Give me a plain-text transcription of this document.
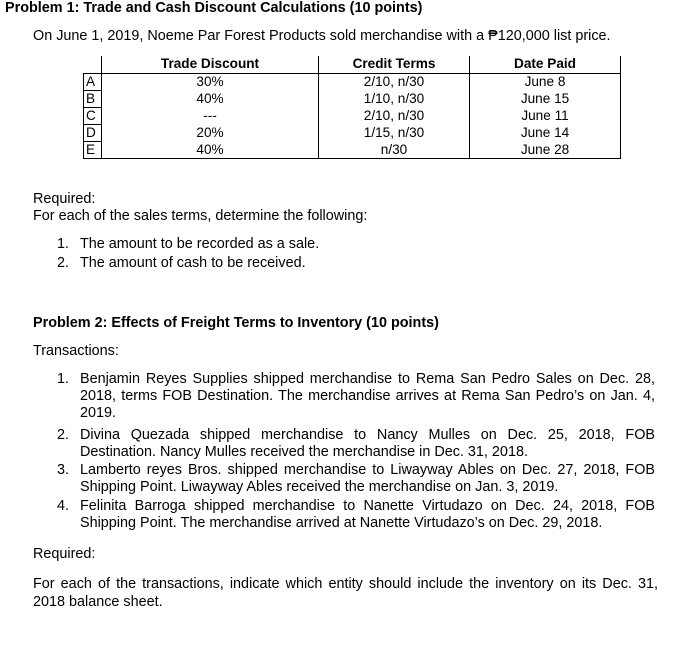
Problem 1: Trade and Cash Discount Calculations (10 points)
On June 1, 2019, Noeme Par Forest Products sold merchandise with a ₱120,000 list price.
	Trade Discount	Credit Terms	Date Paid
A	30%	2/10, n/30	June 8
B	40%	1/10, n/30	June 15
C	---	2/10, n/30	June 11
D	20%	1/15, n/30	June 14
E	40%	n/30	June 28
Required:
For each of the sales terms, determine the following:
1. The amount to be recorded as a sale.
2. The amount of cash to be received.
Problem 2: Effects of Freight Terms to Inventory (10 points)
Transactions:
1. Benjamin Reyes Supplies shipped merchandise to Rema San Pedro Sales on Dec. 28, 2018, terms FOB Destination. The merchandise arrives at Rema San Pedro’s on Jan. 4, 2019.
2. Divina Quezada shipped merchandise to Nancy Mulles on Dec. 25, 2018, FOB Destination. Nancy Mulles received the merchandise in Dec. 31, 2018.
3. Lamberto reyes Bros. shipped merchandise to Liwayway Ables on Dec. 27, 2018, FOB Shipping Point. Liwayway Ables received the merchandise on Jan. 3, 2019.
4. Felinita Barroga shipped merchandise to Nanette Virtudazo on Dec. 24, 2018, FOB Shipping Point. The merchandise arrived at Nanette Virtudazo’s on Dec. 29, 2018.
Required:
For each of the transactions, indicate which entity should include the inventory on its Dec. 31, 2018 balance sheet.
